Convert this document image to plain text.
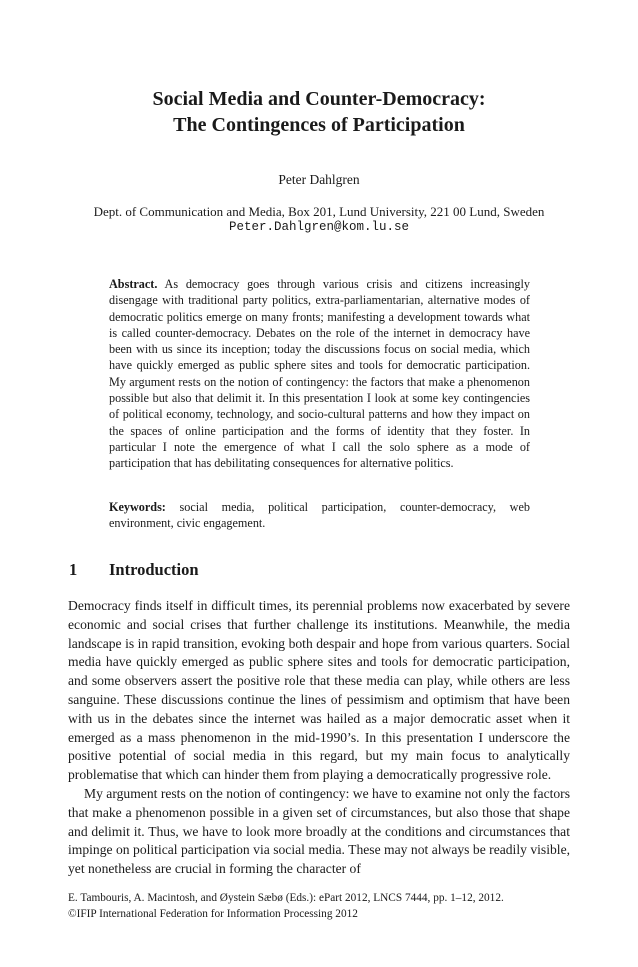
Social Media and Counter-Democracy:
The Contingences of Participation
Peter Dahlgren
Dept. of Communication and Media, Box 201, Lund University, 221 00 Lund, Sweden
Peter.Dahlgren@kom.lu.se
Abstract. As democracy goes through various crisis and citizens increasingly disengage with traditional party politics, extra-parliamentarian, alternative modes of democratic politics emerge on many fronts; manifesting a development towards what is called counter-democracy. Debates on the role of the internet in democracy have been with us since its inception; today the discussions focus on social media, which have quickly emerged as public sphere sites and tools for democratic participation. My argument rests on the notion of contingency: the factors that make a phenomenon possible but also that delimit it. In this presentation I look at some key contingencies of political economy, technology, and socio-cultural patterns and how they impact on the spaces of online participation and the forms of identity that they foster. In particular I note the emergence of what I call the solo sphere as a mode of participation that has debilitating consequences for alternative politics.
Keywords: social media, political participation, counter-democracy, web environment, civic engagement.
1 Introduction

Democracy finds itself in difficult times, its perennial problems now exacerbated by severe economic and social crises that further challenge its institutions. Meanwhile, the media landscape is in rapid transition, evoking both despair and hope from various quarters. Social media have quickly emerged as public sphere sites and tools for democratic participation, and some observers assert the positive role that these media can play, while others are less sanguine. These discussions continue the lines of pessimism and optimism that have been with us in the debates since the internet was hailed as a major democratic asset when it emerged as a mass phenomenon in the mid-1990’s. In this presentation I underscore the positive potential of social media in this regard, but my main focus to analytically problematise that which can hinder them from playing a democratically progressive role.

My argument rests on the notion of contingency: we have to examine not only the factors that make a phenomenon possible in a given set of circumstances, but also those that shape and delimit it. Thus, we have to look more broadly at the conditions and circumstances that impinge on political participation via social media. These may not always be readily visible, yet nonetheless are crucial in forming the character of

E. Tambouris, A. Macintosh, and Øystein Sæbø (Eds.): ePart 2012, LNCS 7444, pp. 1–12, 2012.
©IFIP International Federation for Information Processing 2012
